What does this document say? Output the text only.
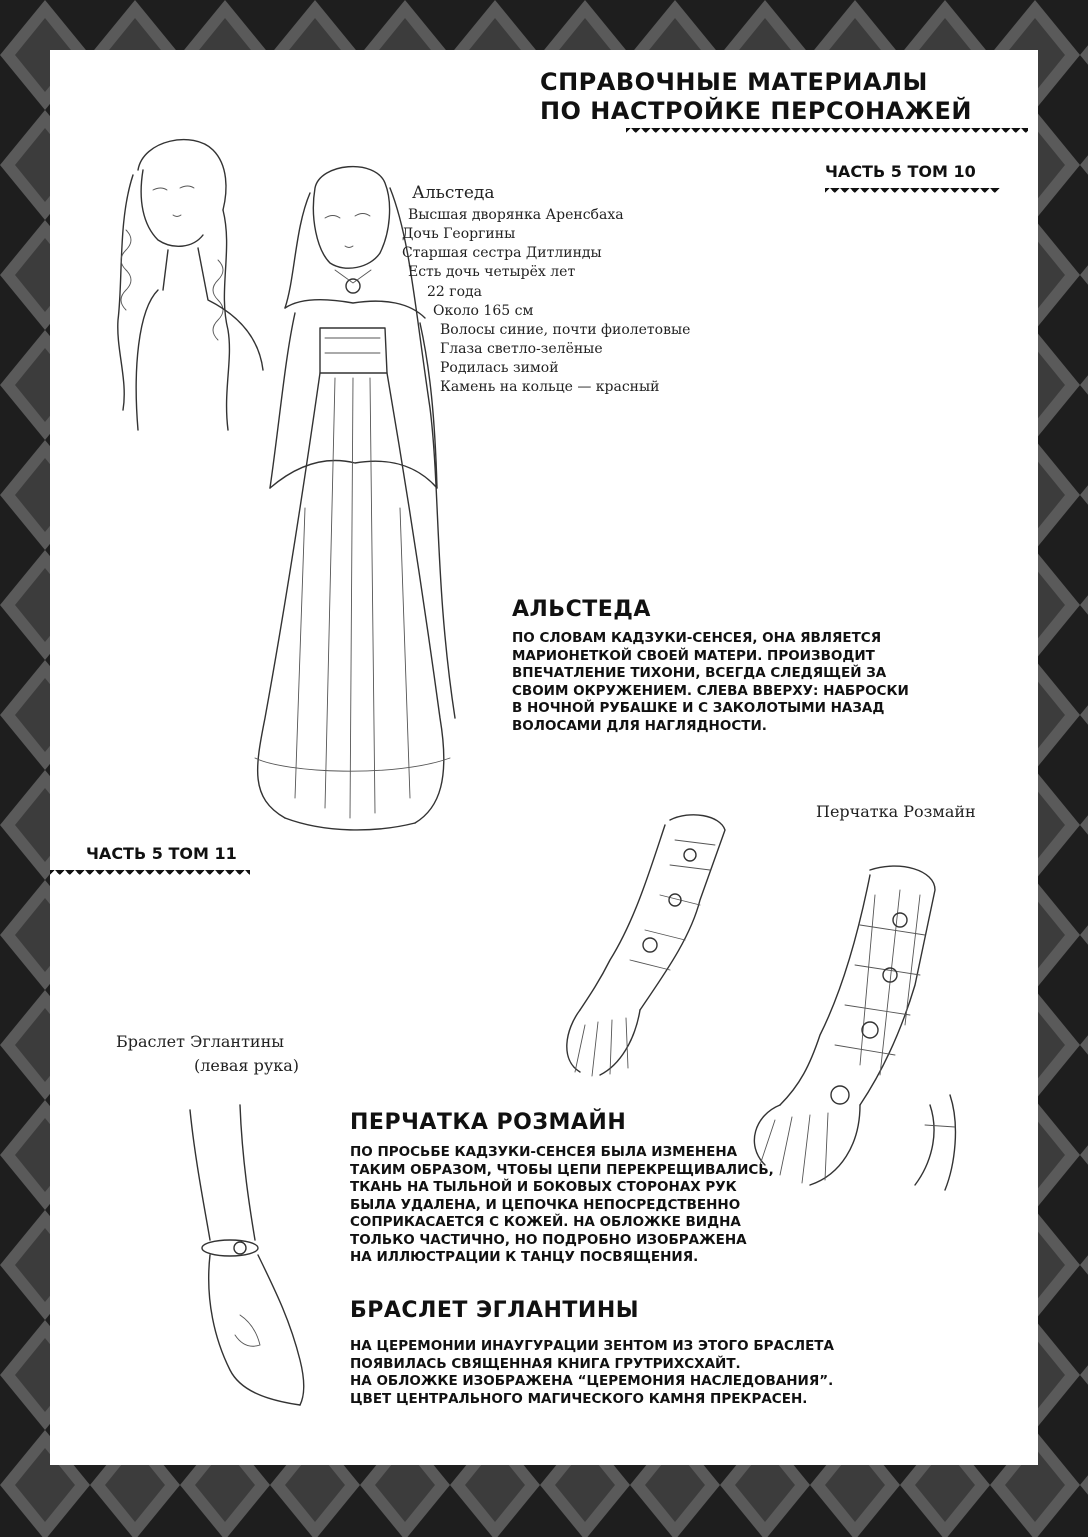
СПРАВОЧНЫЕ МАТЕРИАЛЫ
ПО НАСТРОЙКЕ ПЕРСОНАЖЕЙ
ЧАСТЬ 5 ТОМ 10
Альстеда
Высшая дворянка Аренсбаха
Дочь Георгины
Старшая сестра Дитлинды
Есть дочь четырёх лет
22 года
Около 165 см
Волосы синие, почти фиолетовые
Глаза светло-зелёные
Родилась зимой
Камень на кольце — красный
АЛЬСТЕДА
ПО СЛОВАМ КАДЗУКИ-СЕНСЕЯ, ОНА ЯВЛЯЕТСЯ
МАРИОНЕТКОЙ СВОЕЙ МАТЕРИ. ПРОИЗВОДИТ
ВПЕЧАТЛЕНИЕ ТИХОНИ, ВСЕГДА СЛЕДЯЩЕЙ ЗА
СВОИМ ОКРУЖЕНИЕМ. СЛЕВА ВВЕРХУ: НАБРОСКИ
В НОЧНОЙ РУБАШКЕ И С ЗАКОЛОТЫМИ НАЗАД
ВОЛОСАМИ ДЛЯ НАГЛЯДНОСТИ.
Перчатка Розмайн
ЧАСТЬ 5 ТОМ 11
Браслет Эглантины
(левая рука)
ПЕРЧАТКА РОЗМАЙН
ПО ПРОСЬБЕ КАДЗУКИ-СЕНСЕЯ БЫЛА ИЗМЕНЕНА
ТАКИМ ОБРАЗОМ, ЧТОБЫ ЦЕПИ ПЕРЕКРЕЩИВАЛИСЬ,
ТКАНЬ НА ТЫЛЬНОЙ И БОКОВЫХ СТОРОНАХ РУК
БЫЛА УДАЛЕНА, И ЦЕПОЧКА НЕПОСРЕДСТВЕННО
СОПРИКАСАЕТСЯ С КОЖЕЙ. НА ОБЛОЖКЕ ВИДНА
ТОЛЬКО ЧАСТИЧНО, НО ПОДРОБНО ИЗОБРАЖЕНА
НА ИЛЛЮСТРАЦИИ К ТАНЦУ ПОСВЯЩЕНИЯ.
БРАСЛЕТ ЭГЛАНТИНЫ
НА ЦЕРЕМОНИИ ИНАУГУРАЦИИ ЗЕНТОМ ИЗ ЭТОГО БРАСЛЕТА
ПОЯВИЛАСЬ СВЯЩЕННАЯ КНИГА ГРУТРИХСХАЙТ.
НА ОБЛОЖКЕ ИЗОБРАЖЕНА “ЦЕРЕМОНИЯ НАСЛЕДОВАНИЯ”.
ЦВЕТ ЦЕНТРАЛЬНОГО МАГИЧЕСКОГО КАМНЯ ПРЕКРАСЕН.
